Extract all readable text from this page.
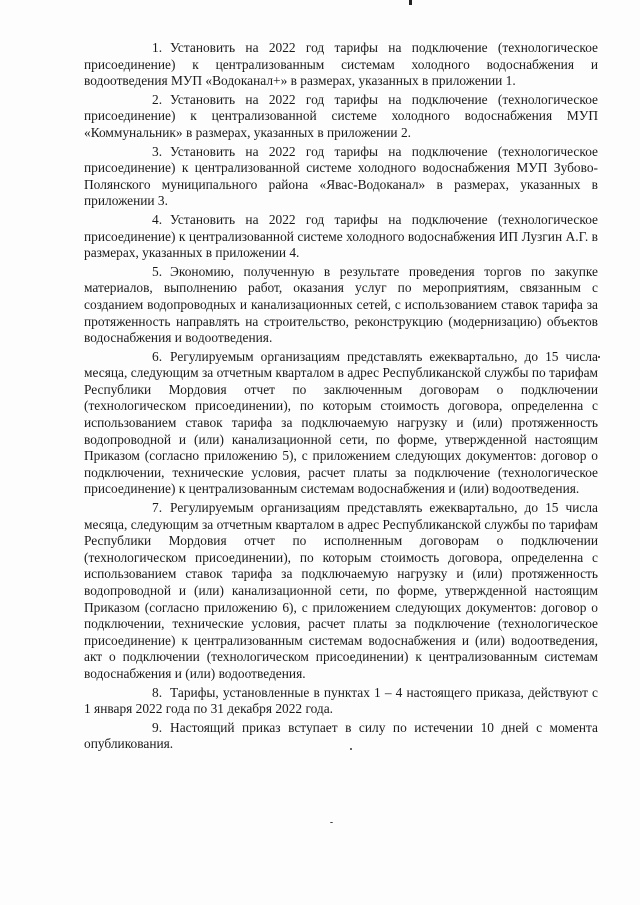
1. Установить на 2022 год тарифы на подключение (технологическое присоединение) к централизованным системам холодного водоснабжения и водоотведения МУП «Водоканал+» в размерах, указанных в приложении 1.

2. Установить на 2022 год тарифы на подключение (технологическое присоединение) к централизованной системе холодного водоснабжения МУП «Коммунальник» в размерах, указанных в приложении 2.

3. Установить на 2022 год тарифы на подключение (технологическое присоединение) к централизованной системе холодного водоснабжения МУП Зубово-Полянского муниципального района «Явас-Водоканал» в размерах, указанных в приложении 3.

4. Установить на 2022 год тарифы на подключение (технологическое присоединение) к централизованной системе холодного водоснабжения ИП Лузгин А.Г. в размерах, указанных в приложении 4.

5. Экономию, полученную в результате проведения торгов по закупке материалов, выполнению работ, оказания услуг по мероприятиям, связанным с созданием водопроводных и канализационных сетей, с использованием ставок тарифа за протяженность направлять на строительство, реконструкцию (модернизацию) объектов водоснабжения и водоотведения.

6. Регулируемым организациям представлять ежеквартально, до 15 числа месяца, следующим за отчетным кварталом в адрес Республиканской службы по тарифам Республики Мордовия отчет по заключенным договорам о подключении (технологическом присоединении), по которым стоимость договора, определенна с использованием ставок тарифа за подключаемую нагрузку и (или) протяженность водопроводной и (или) канализационной сети, по форме, утвержденной настоящим Приказом (согласно приложению 5), с приложением следующих документов: договор о подключении, технические условия, расчет платы за подключение (технологическое присоединение) к централизованным системам водоснабжения и (или) водоотведения.

7. Регулируемым организациям представлять ежеквартально, до 15 числа месяца, следующим за отчетным кварталом в адрес Республиканской службы по тарифам Республики Мордовия отчет по исполненным договорам о подключении (технологическом присоединении), по которым стоимость договора, определенна с использованием ставок тарифа за подключаемую нагрузку и (или) протяженность водопроводной и (или) канализационной сети, по форме, утвержденной настоящим Приказом (согласно приложению 6), с приложением следующих документов: договор о подключении, технические условия, расчет платы за подключение (технологическое присоединение) к централизованным системам водоснабжения и (или) водоотведения, акт о подключении (технологическом присоединении) к централизованным системам водоснабжения и (или) водоотведения.

8. Тарифы, установленные в пунктах 1 – 4 настоящего приказа, действуют с 1 января 2022 года по 31 декабря 2022 года.

9. Настоящий приказ вступает в силу по истечении 10 дней с момента опубликования.
